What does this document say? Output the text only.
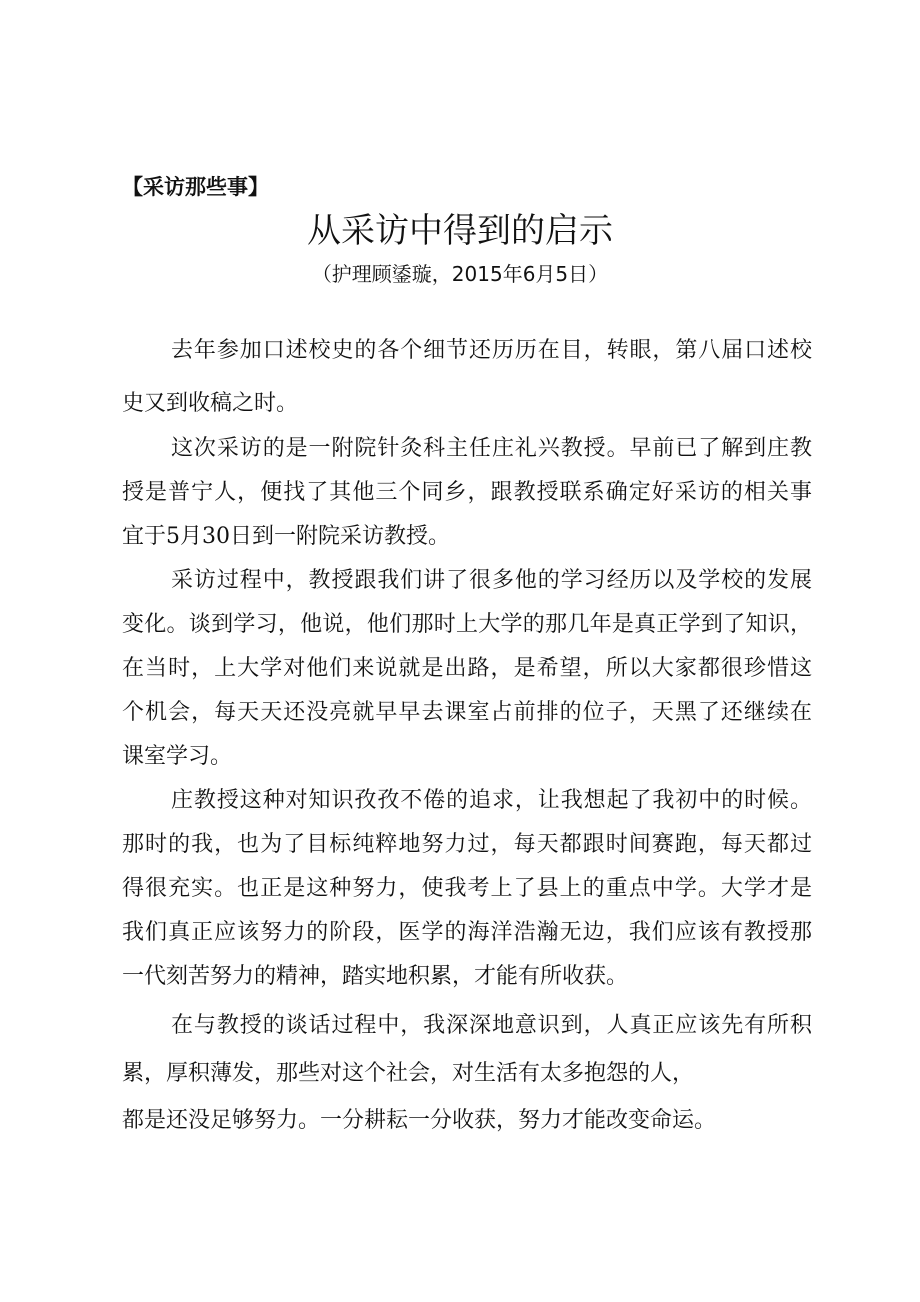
【采访那些事】
从采访中得到的启示
（护理顾鋈璇，2015年6月5日）
去年参加口述校史的各个细节还历历在目，转眼，第八届口述校
史又到收稿之时。
这次采访的是一附院针灸科主任庄礼兴教授。早前已了解到庄教
授是普宁人，便找了其他三个同乡，跟教授联系确定好采访的相关事
宜于5月30日到一附院采访教授。
采访过程中，教授跟我们讲了很多他的学习经历以及学校的发展
变化。谈到学习，他说，他们那时上大学的那几年是真正学到了知识，
在当时，上大学对他们来说就是出路，是希望，所以大家都很珍惜这
个机会，每天天还没亮就早早去课室占前排的位子，天黑了还继续在
课室学习。
庄教授这种对知识孜孜不倦的追求，让我想起了我初中的时候。
那时的我，也为了目标纯粹地努力过，每天都跟时间赛跑，每天都过
得很充实。也正是这种努力，使我考上了县上的重点中学。大学才是
我们真正应该努力的阶段，医学的海洋浩瀚无边，我们应该有教授那
一代刻苦努力的精神，踏实地积累，才能有所收获。
在与教授的谈话过程中，我深深地意识到，人真正应该先有所积
累，厚积薄发，那些对这个社会，对生活有太多抱怨的人，
都是还没足够努力。一分耕耘一分收获，努力才能改变命运。
